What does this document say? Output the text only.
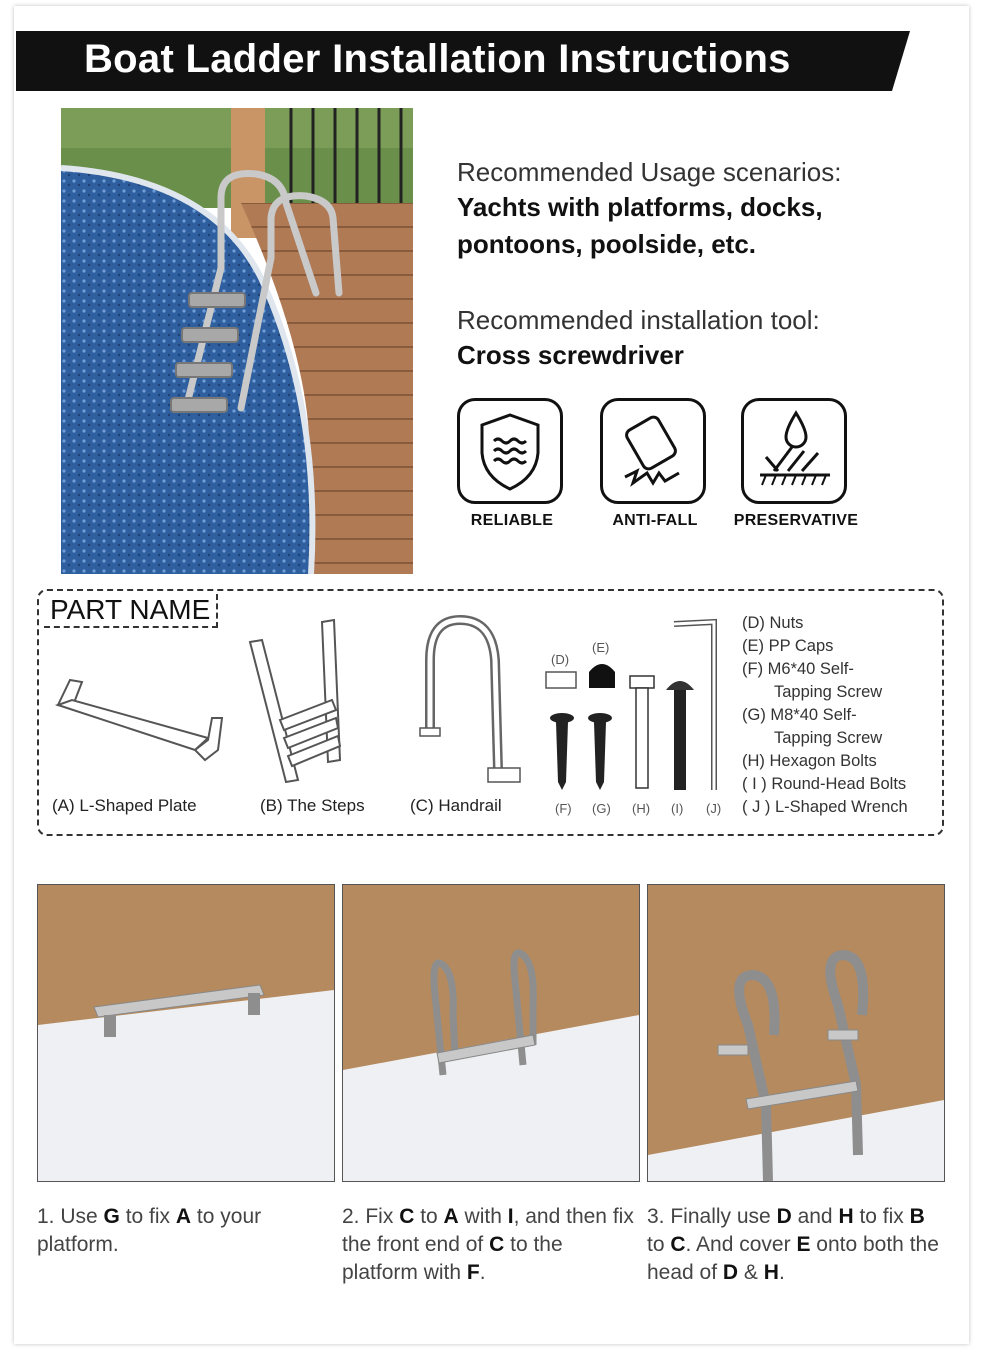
Boat Ladder Installation Instructions

Recommended Usage scenarios:

Yachts with platforms, docks,

pontoons, poolside, etc.

Recommended installation tool:

Cross screwdriver

RELIABLE	ANTI-FALL	PRESERVATIVE
PART NAME
(A) L-Shaped Plate	(B) The Steps	(C) Handrail
(D)
(E)
(F) (G) (H) (I) (J)
(D) Nuts
(E) PP Caps
(F) M6*40 Self-
Tapping Screw
(G) M8*40 Self-
Tapping Screw
(H) Hexagon Bolts
( I ) Round-Head Bolts
( J ) L-Shaped Wrench
1. Use G to fix A to your platform.
2. Fix C to A with I, and then fix the front end of C to the platform with F.
3. Finally use D and H to fix B to C. And cover E onto both the head of D & H.
